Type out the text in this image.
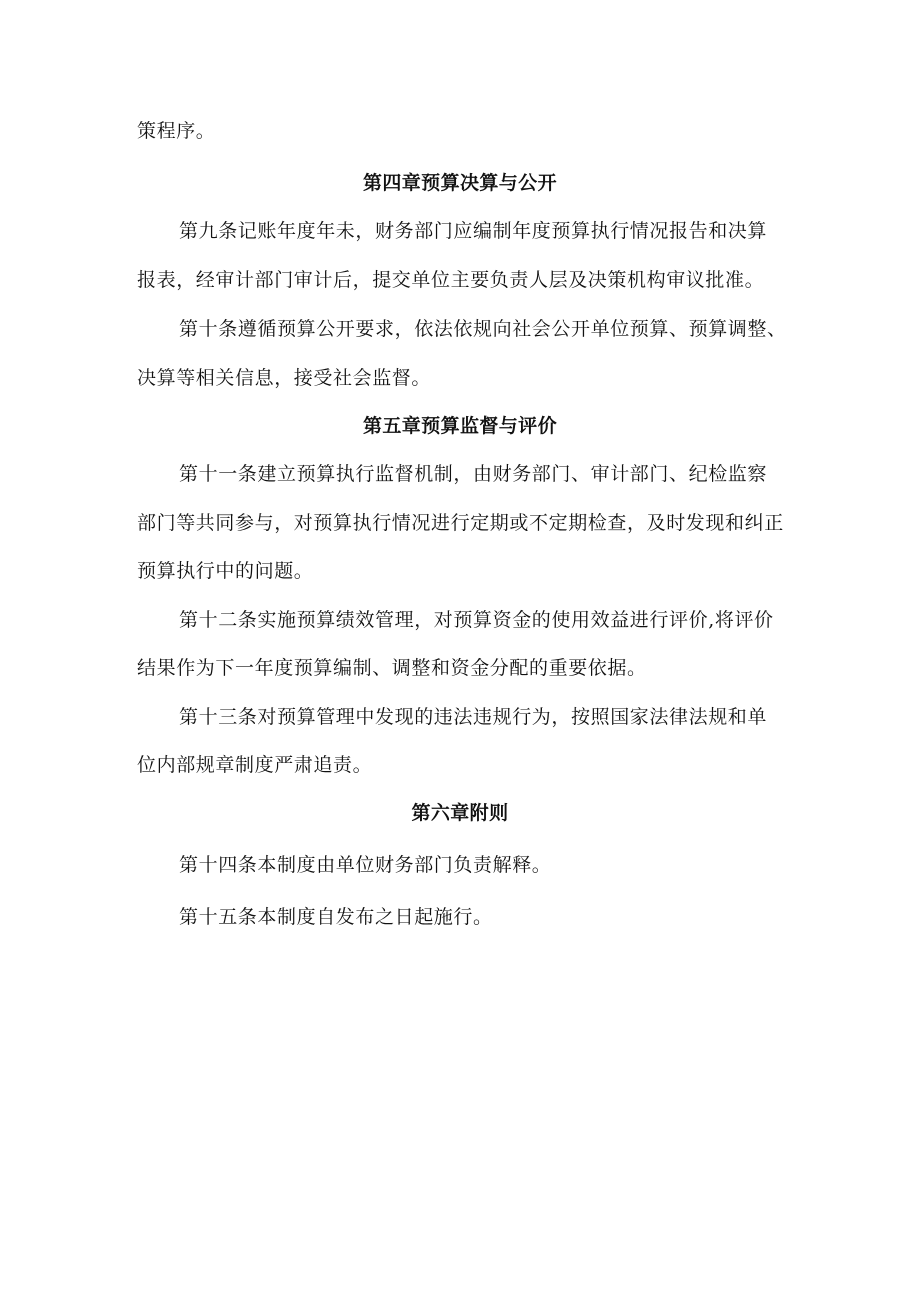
策程序。
第四章预算决算与公开
第九条记账年度年未，财务部门应编制年度预算执行情况报告和决算
报表，经审计部门审计后，提交单位主要负责人层及决策机构审议批准。
第十条遵循预算公开要求，依法依规向社会公开单位预算、预算调整、
决算等相关信息，接受社会监督。
第五章预算监督与评价
第十一条建立预算执行监督机制，由财务部门、审计部门、纪检监察
部门等共同参与，对预算执行情况进行定期或不定期检查，及时发现和纠正
预算执行中的问题。
第十二条实施预算绩效管理，对预算资金的使用效益进行评价,将评价
结果作为下一年度预算编制、调整和资金分配的重要依据。
第十三条对预算管理中发现的违法违规行为，按照国家法律法规和单
位内部规章制度严肃追责。
第六章附则
第十四条本制度由单位财务部门负责解释。
第十五条本制度自发布之日起施行。
